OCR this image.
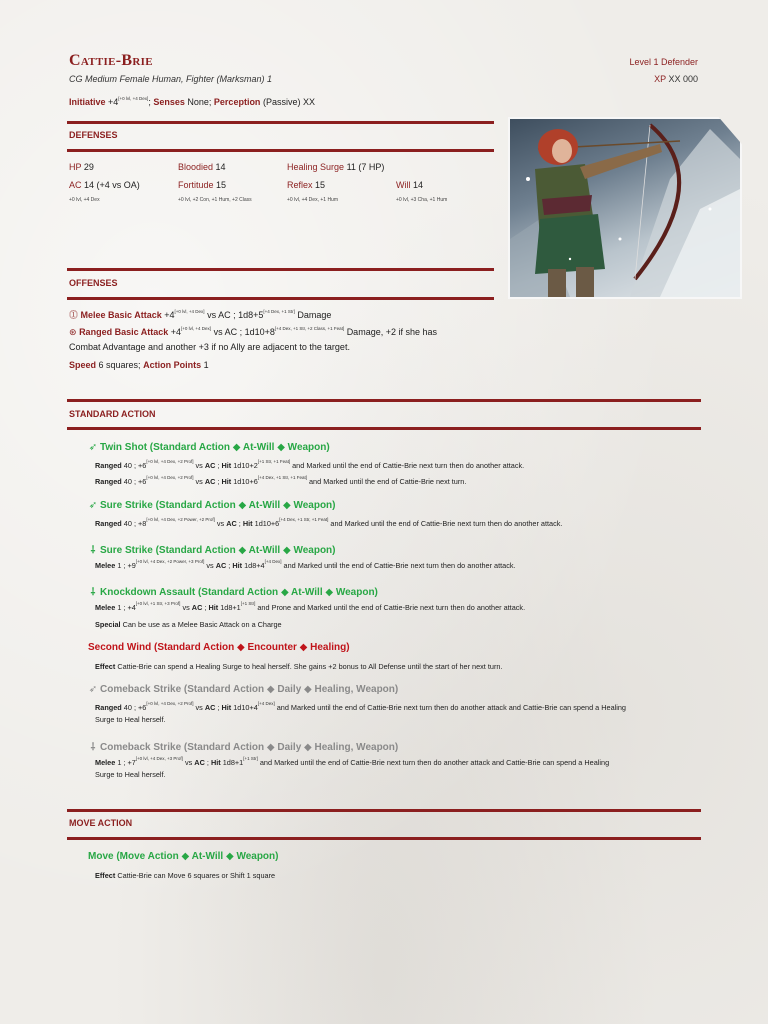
Cattie-Brie
CG Medium Female Human, Fighter (Marksman) 1
Level 1 Defender
XP XX 000
Initiative +4[+0 lvl, +4 Dex]; Senses None; Perception (Passive) XX
DEFENSES
HP 29	Bloodied 14	Healing Surge 11 (7 HP)
AC 14 (+4 vs OA)	Fortitude 15	Reflex 15	Will 14
+0 lvl, +4 Dex	+0 lvl, +2 Con, +1 Hum, +2 Class	+0 lvl, +4 Dex, +1 Hum	+0 lvl, +3 Cha, +1 Hum
OFFENSES
⓵ Melee Basic Attack +4[+0 lvl, +4 Dex] vs AC ; 1d8+5[+4 Dex, +1 Str] Damage
⊛ Ranged Basic Attack +4[+0 lvl, +4 Dex] vs AC ; 1d10+8[+4 Dex, +1 Str, +2 Class, +1 Feat] Damage, +2 if she has
Combat Advantage and another +3 if no Ally are adjacent to the target.
Speed 6 squares; Action Points 1
STANDARD ACTION
➶ Twin Shot (Standard Action ◆ At-Will ◆ Weapon)
Ranged 40 ; +6[+0 lvl, +4 Dex, +2 Prof] vs AC ; Hit 1d10+2[+1 Str, +1 Feat] and Marked until the end of Cattie-Brie next turn then do another attack.
Ranged 40 ; +6[+0 lvl, +4 Dex, +2 Prof] vs AC ; Hit 1d10+6[+4 Dex, +1 Str, +1 Feat] and Marked until the end of Cattie-Brie next turn.
➶ Sure Strike (Standard Action ◆ At-Will ◆ Weapon)
Ranged 40 ; +8[+0 lvl, +4 Dex, +2 Power, +2 Prof] vs AC ; Hit 1d10+6[+4 Dex, +1 Str, +1 Feat] and Marked until the end of Cattie-Brie next turn then do another attack.
⸸ Sure Strike (Standard Action ◆ At-Will ◆ Weapon)
Melee 1 ; +9[+0 lvl, +4 Dex, +2 Power, +3 Prof] vs AC ; Hit 1d8+4[+4 Dex] and Marked until the end of Cattie-Brie next turn then do another attack.
⸸ Knockdown Assault (Standard Action ◆ At-Will ◆ Weapon)
Melee 1 ; +4[+0 lvl, +1 Str, +3 Prof] vs AC ; Hit 1d8+1[+1 Str] and Prone and Marked until the end of Cattie-Brie next turn then do another attack.
Special Can be use as a Melee Basic Attack on a Charge
Second Wind (Standard Action ◆ Encounter ◆ Healing)
Effect Cattie-Brie can spend a Healing Surge to heal herself. She gains +2 bonus to All Defense until the start of her next turn.
➶ Comeback Strike (Standard Action ◆ Daily ◆ Healing, Weapon)
Ranged 40 ; +6[+0 lvl, +4 Dex, +2 Prof] vs AC ; Hit 1d10+4[+4 Dex] and Marked until the end of Cattie-Brie next turn then do another attack and Cattie-Brie can spend a Healing
Surge to Heal herself.
⸸ Comeback Strike (Standard Action ◆ Daily ◆ Healing, Weapon)
Melee 1 ; +7[+0 lvl, +4 Dex, +3 Prof] vs AC ; Hit 1d8+1[+1 Str] and Marked until the end of Cattie-Brie next turn then do another attack and Cattie-Brie can spend a Healing
Surge to Heal herself.
MOVE ACTION
Move (Move Action ◆ At-Will ◆ Weapon)
Effect Cattie-Brie can Move 6 squares or Shift 1 square
